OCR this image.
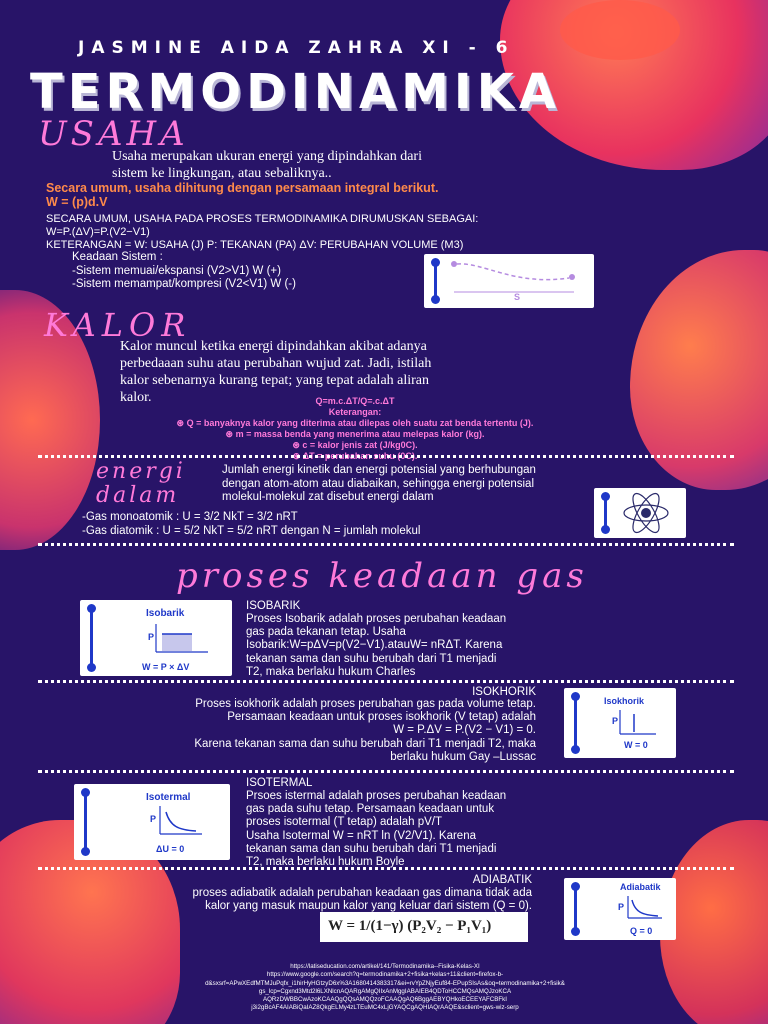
JASMINE AIDA ZAHRA XI - 6

TERMODINAMIKA

USAHA

Usaha merupakan ukuran energi yang dipindahkan dari
sistem ke lingkungan, atau sebaliknya..

Secara umum, usaha dihitung dengan persamaan integral berikut.
W = (p)d.V

SECARA UMUM, USAHA PADA PROSES TERMODINAMIKA DIRUMUSKAN SEBAGAI:
W=P.(ΔV)=P.(V2−V1)
KETERANGAN = W: USAHA (J) P: TEKANAN (PA) ΔV: PERUBAHAN VOLUME (M3)

Keadaan Sistem :
-Sistem memuai/ekspansi (V2>V1) W (+)
-Sistem memampat/kompresi (V2<V1) W (-)

S

KALOR

Kalor muncul ketika energi dipindahkan akibat adanya
perbedaaan suhu atau perubahan wujud zat. Jadi, istilah
kalor sebenarnya kurang tepat; yang tepat adalah aliran
kalor.	Q=m.c.ΔT/Q=.c.ΔT
Keterangan:
⊛ Q = banyaknya kalor yang diterima atau dilepas oleh suatu zat benda tertentu (J).
⊛ m = massa benda yang menerima atau melepas kalor (kg).
⊛ c = kalor jenis zat (J/kg0C).
⊛ ΔT = perubahan suhu (0C).

energi
dalam

Jumlah energi kinetik dan energi potensial yang berhubungan
dengan atom-atom atau diabaikan, sehingga energi potensial
molekul-molekul zat disebut energi dalam

-Gas monoatomik : U = 3/2 NkT = 3/2 nRT
-Gas diatomik : U = 5/2 NkT = 5/2 nRT dengan N = jumlah molekul

proses keadaan gas

Isobarik
P
W = P × ΔV

ISOBARIK

Proses Isobarik adalah proses perubahan keadaan
gas pada tekanan tetap. Usaha
Isobarik:W=pΔV=p(V2−V1).atauW= nRΔT. Karena
tekanan sama dan suhu berubah dari T1 menjadi
T2, maka berlaku hukum Charles

ISOKHORIK

Proses isokhorik adalah proses perubahan gas pada volume tetap.
Persamaan keadaan untuk proses isokhorik (V tetap) adalah
W = P.ΔV = P.(V2 − V1) = 0.
Karena tekanan sama dan suhu berubah dari T1 menjadi T2, maka
berlaku hukum Gay –Lussac

Isokhorik
P
W = 0
Isotermal
P
ΔU = 0

ISOTERMAL

Prsoes istermal adalah proses perubahan keadaan
gas pada suhu tetap. Persamaan keadaan untuk
proses isotermal (T tetap) adalah pV/T
Usaha Isotermal W = nRT ln (V2/V1). Karena
tekanan sama dan suhu berubah dari T1 menjadi
T2, maka berlaku hukum Boyle

ADIABATIK

proses adiabatik adalah perubahan keadaan gas dimana tidak ada
kalor yang masuk maupun kalor yang keluar dari sistem (Q = 0).

W = 1/(1−γ) (P₂V₂ − P₁V₁)
Adiabatik
P
Q = 0

https://latiseducation.com/artikel/141/Termodinamika--Fisika-Kelas-XI
https://www.google.com/search?q=termodinamika+2+fisika+kelas+11&client=firefox-b-
d&sxsrf=APwXEdfMTMJuPqfx_i1hirHyHGtzyD6x%3A1680414383317&ei=rvYpZNjyEuf84-EPupSIsAs&oq=termodinamika+2+fisik&
gs_lcp=Cgxnd3Mtd2l6LXNlcnAQARgAMgQIIxAnMggIABAIEB4QDToHCCMQsAMQJzoKCA
AQRzDWBBCwAzoKCAAQgQQsAMQQzoFCAAQgAQ6BggAEBYQHkoECEEYAFCBFkI
j3i2gBcAF4AIABiQaIAZ8QkgELMy4zLTEuMC4xLjGYAQCgAQHIAQrAAQE&sclient=gws-wiz-serp
